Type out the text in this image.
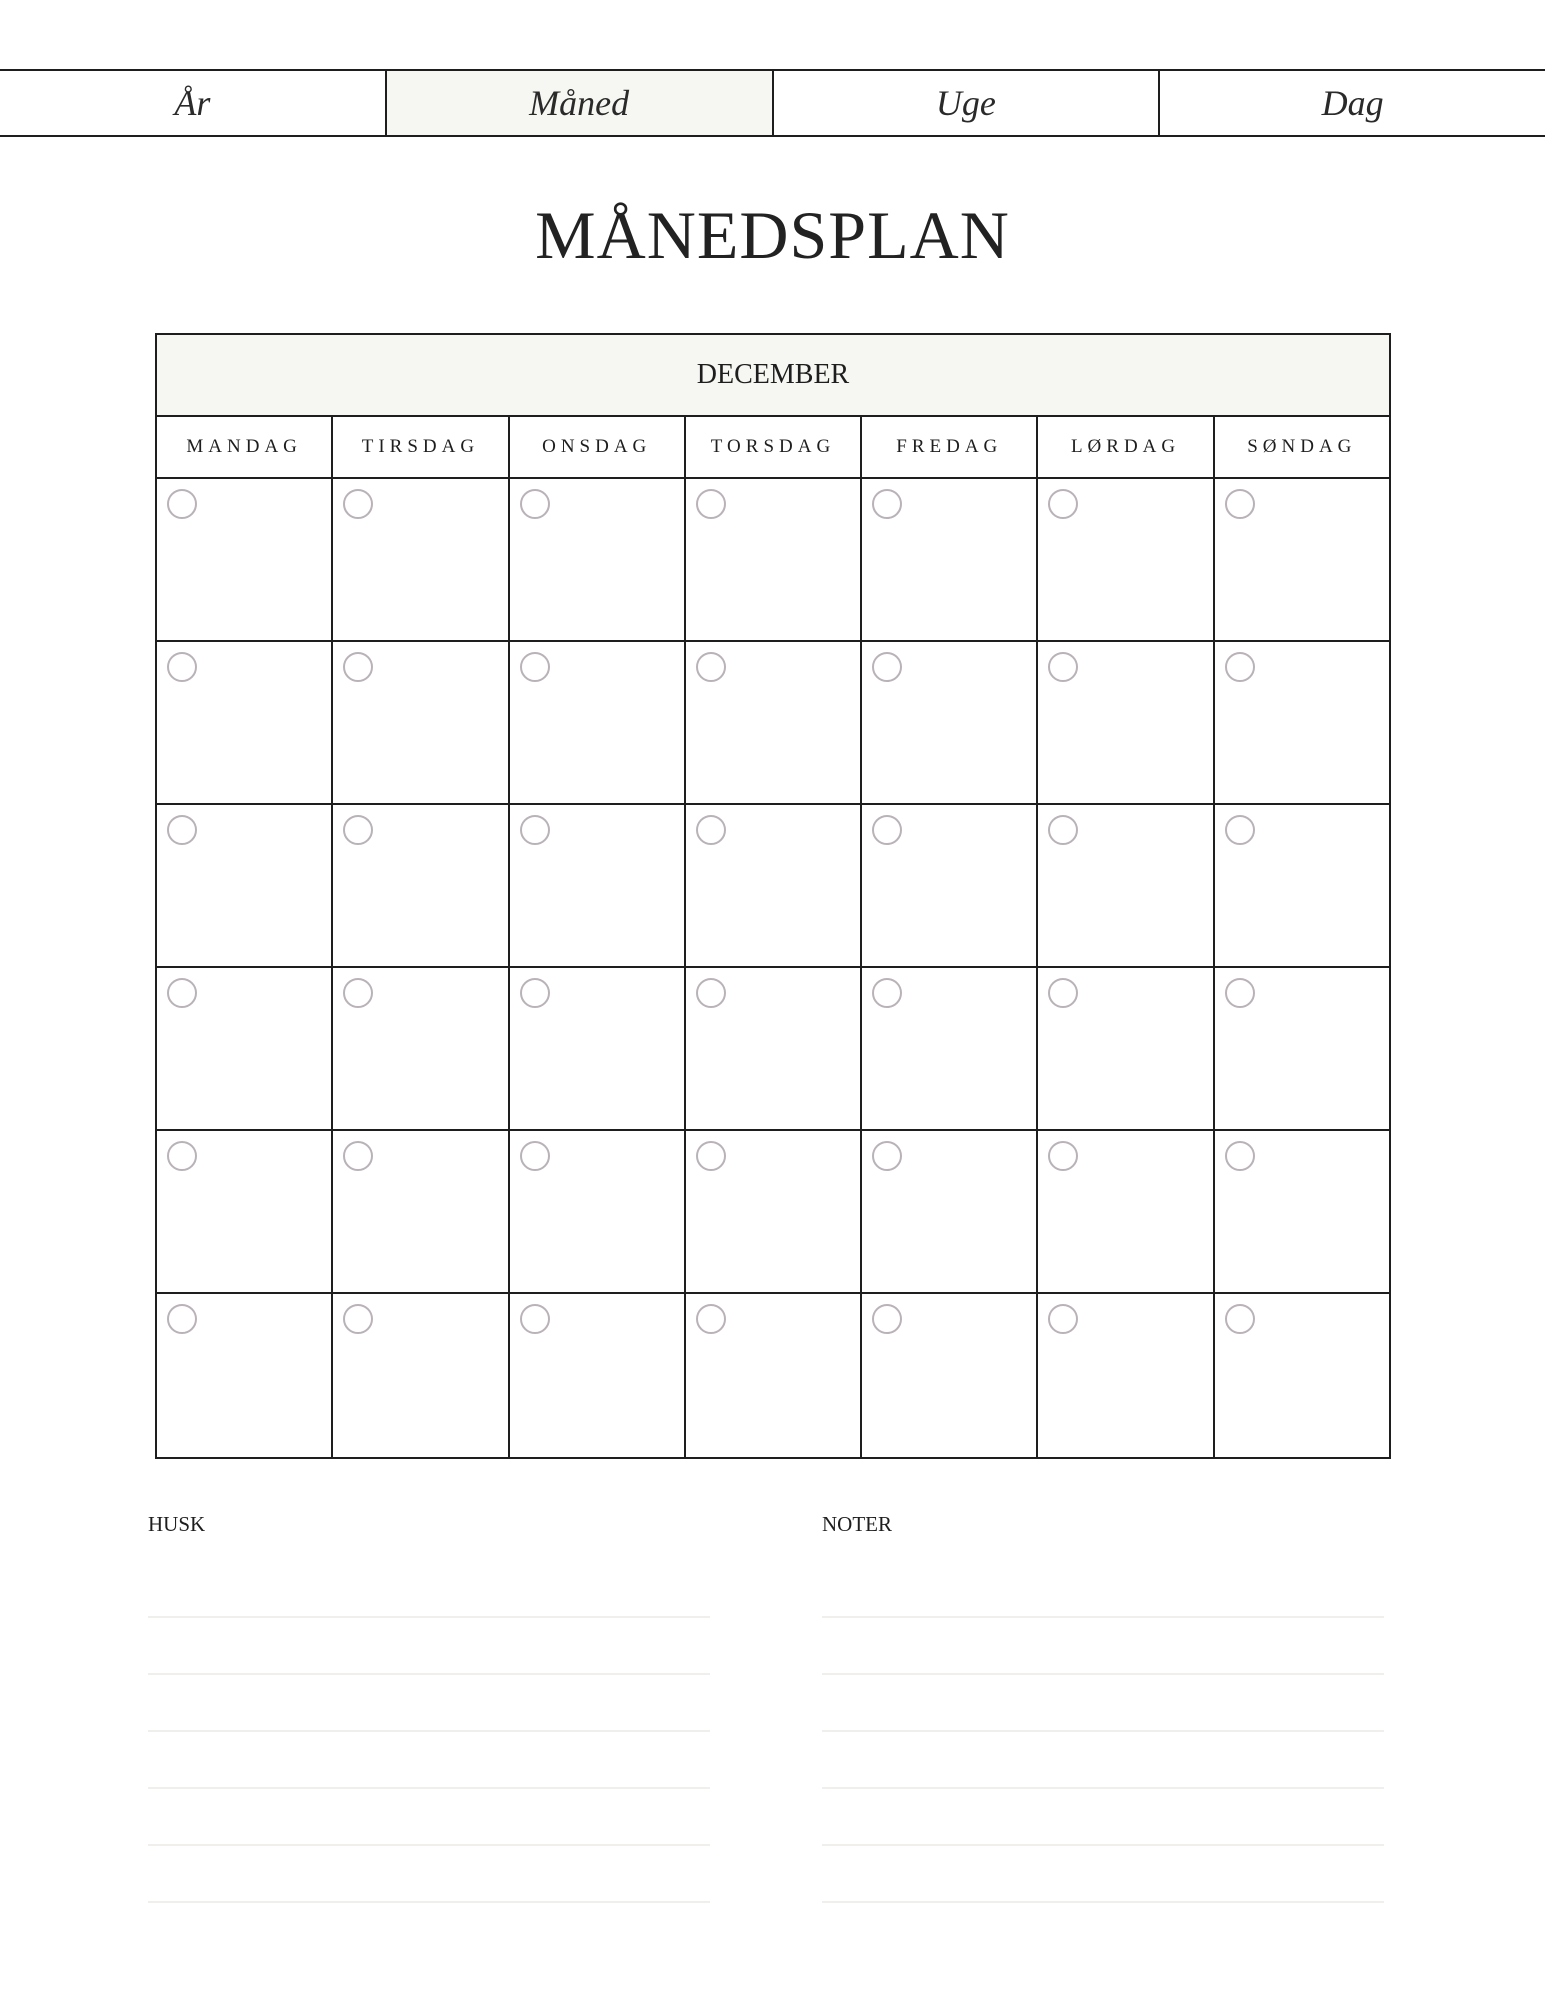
År	Måned	Uge	Dag
MÅNEDSPLAN
DECEMBER
MANDAG	TIRSDAG	ONSDAG	TORSDAG	FREDAG	LØRDAG	SØNDAG
HUSK	NOTER
